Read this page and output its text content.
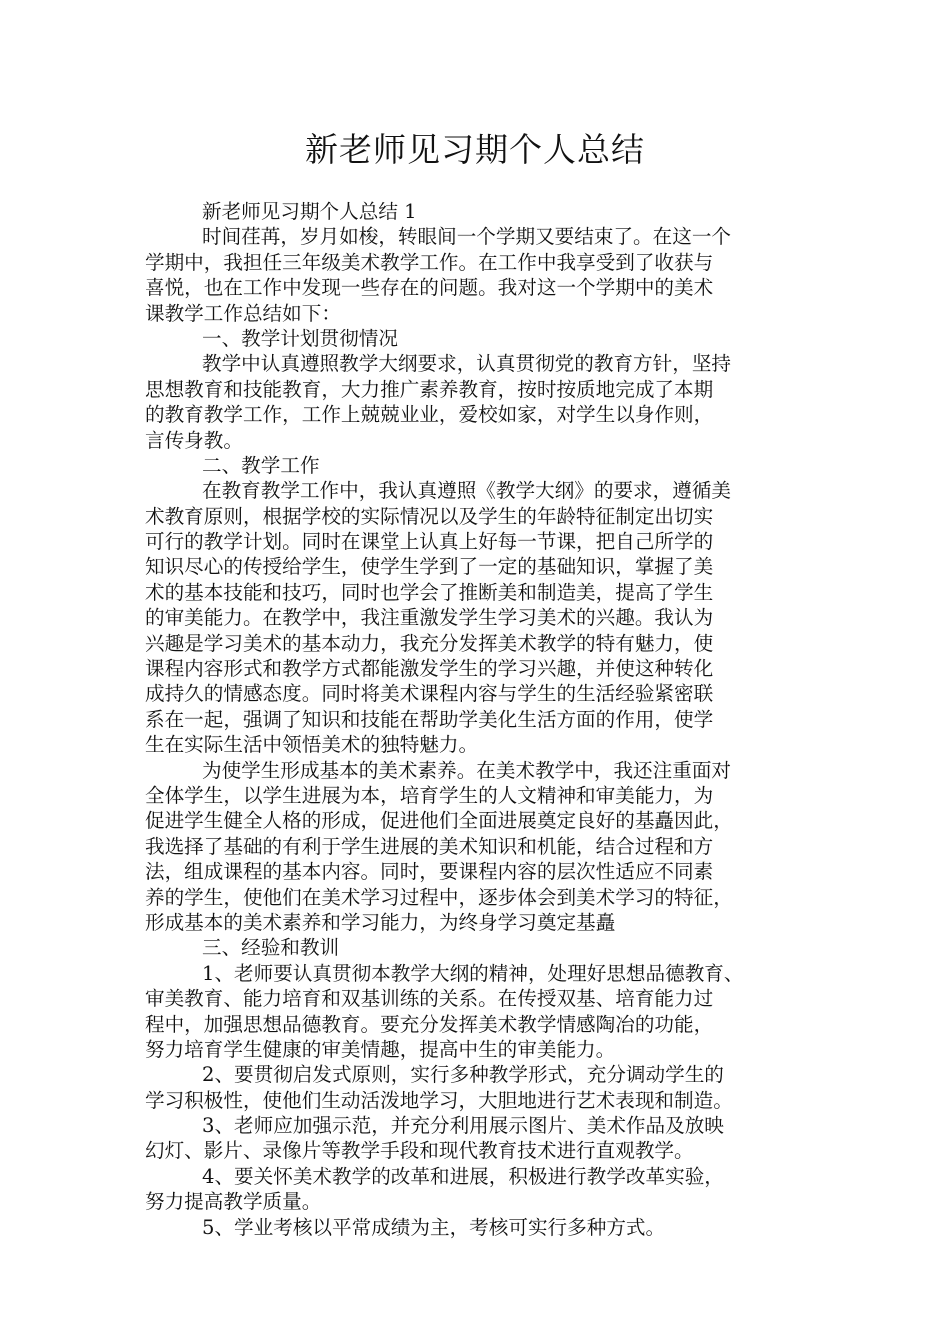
新老师见习期个人总结
新老师见习期个人总结 1
时间荏苒，岁月如梭，转眼间一个学期又要结束了。在这一个
学期中，我担任三年级美术教学工作。在工作中我享受到了收获与
喜悦，也在工作中发现一些存在的问题。我对这一个学期中的美术
课教学工作总结如下：
一、教学计划贯彻情况
教学中认真遵照教学大纲要求，认真贯彻党的教育方针，坚持
思想教育和技能教育，大力推广素养教育，按时按质地完成了本期
的教育教学工作，工作上兢兢业业，爱校如家，对学生以身作则，
言传身教。
二、教学工作
在教育教学工作中，我认真遵照《教学大纲》的要求，遵循美
术教育原则，根据学校的实际情况以及学生的年龄特征制定出切实
可行的教学计划。同时在课堂上认真上好每一节课，把自己所学的
知识尽心的传授给学生，使学生学到了一定的基础知识，掌握了美
术的基本技能和技巧，同时也学会了推断美和制造美，提高了学生
的审美能力。在教学中，我注重激发学生学习美术的兴趣。我认为
兴趣是学习美术的基本动力，我充分发挥美术教学的特有魅力，使
课程内容形式和教学方式都能激发学生的学习兴趣，并使这种转化
成持久的情感态度。同时将美术课程内容与学生的生活经验紧密联
系在一起，强调了知识和技能在帮助学美化生活方面的作用，使学
生在实际生活中领悟美术的独特魅力。
为使学生形成基本的美术素养。在美术教学中，我还注重面对
全体学生，以学生进展为本，培育学生的人文精神和审美能力，为
促进学生健全人格的形成，促进他们全面进展奠定良好的基矗因此，
我选择了基础的有利于学生进展的美术知识和机能，结合过程和方
法，组成课程的基本内容。同时，要课程内容的层次性适应不同素
养的学生，使他们在美术学习过程中，逐步体会到美术学习的特征，
形成基本的美术素养和学习能力，为终身学习奠定基矗
三、经验和教训
1、老师要认真贯彻本教学大纲的精神，处理好思想品德教育、
审美教育、能力培育和双基训练的关系。在传授双基、培育能力过
程中，加强思想品德教育。要充分发挥美术教学情感陶冶的功能，
努力培育学生健康的审美情趣，提高中生的审美能力。
2、要贯彻启发式原则，实行多种教学形式，充分调动学生的
学习积极性，使他们生动活泼地学习，大胆地进行艺术表现和制造。
3、老师应加强示范，并充分利用展示图片、美术作品及放映
幻灯、影片、录像片等教学手段和现代教育技术进行直观教学。
4、要关怀美术教学的改革和进展，积极进行教学改革实验，
努力提高教学质量。
5、学业考核以平常成绩为主，考核可实行多种方式。
